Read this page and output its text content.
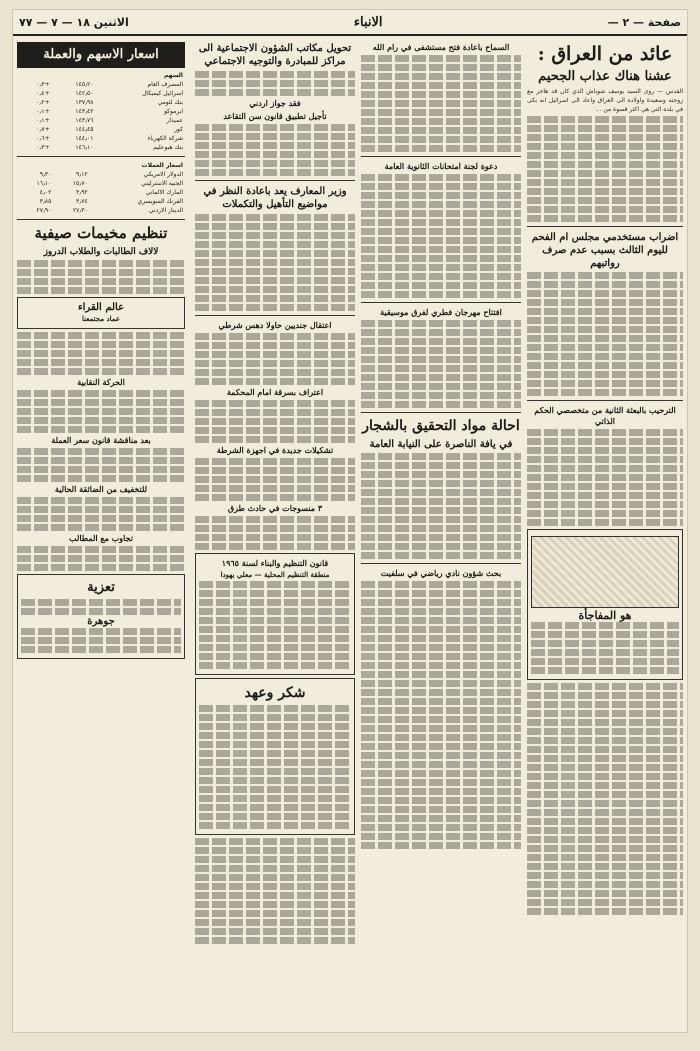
صفحة — ٢ —
الانباء
الاثنين ١٨ — ٧ — ٧٧
عائد من العراق :
عشنا هناك عذاب الجحيم
القدس — روى السيد يوسف شوباش الذي كان قد هاجر مع زوجته وسعيدة واولاده الى العراق واعاد الى اسرائيل انه بكى في بلده التي هي اكثر قسوة من ...
اضراب مستخدمي مجلس ام الفحم لليوم الثالث بسبب عدم صرف رواتبهم
الترحيب بالبعثة الثانية من متخصصي الحكم الذاتي
هو المفاجأة
السماح باعادة فتح مستشفى في رام الله
دعوة لجنة امتحانات الثانوية العامة
افتتاح مهرجان فطري لفرق موسيقية
احالة مواد التحقيق بالشجار
في يافة الناصرة على النيابة العامة
بحث شؤون نادي رياضي في سلفيت
تحويل مكاتب الشؤون الاجتماعية الى مراكز للمبادرة والتوجيه الاجتماعي
فقد جواز اردني
تأجيل تطبيق قانون سن التقاعد
وزير المعارف يعد باعادة النظر في مواضيع التأهيل والتكملات
اعتقال جنديين حاولا دهس شرطي
اعتراف بسرقة امام المحكمة
تشكيلات جديدة في اجهزة الشرطة
٣ منسوجات في حادث طرق
قانون التنظيم والبناء لسنة ١٩٦٥
منطقة التنظيم المحلية — معلي يهودا
شكر وعهد
اسعار الاسهم والعملة
السهم		
المصرف العام	١٤٥٫٢٠	+٠٫٣
اسرائيل كيميكال	١٤٢٫٥٠	+٠٫٤
بنك لئومي	١٣٧٫٩٨	+٠٫٢
ايرموكو	١٤٣٫٤٢	+٠٫١
عميدار	١٤٣٫٧٦	+٠٫١
كور	١٤٤٫٤٥	+٠٫٧
شركة الكهرباء	١٤٤٫٠١	+٠٫٦
بنك هبوعليم	١٤٦٫١٠	+٠٫٣
اسعار العملات		
الدولار الامريكي	٩٫١٢	٩٫٣٠
الجنيه الاسترليني	١٥٫٧٠	١٦٫١٠
المارك الالماني	٣٫٩٢	٤٫٠٢
الفرنك السويسري	٣٫٧٤	٣٫٨٥
الدينار الاردني	٢٧٫٣٠	٢٧٫٩٠
تنظيم مخيمات صيفية
لالاف الطالبات والطلاب الدروز
عالم القراء
عماد مجتمعنا
الحركة النقابية
بعد مناقشة قانون سعر العملة
للتخفيف من الضائقة الحالية
تجاوب مع المطالب
تعزية
جوهرة
